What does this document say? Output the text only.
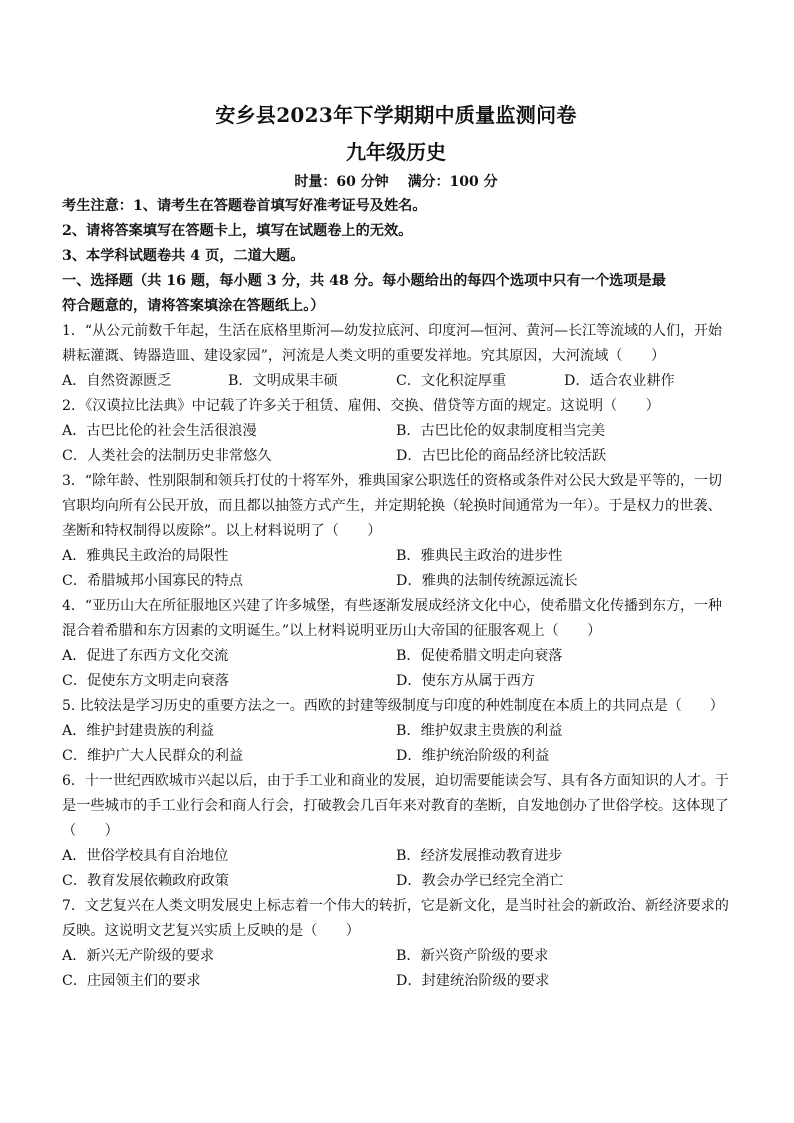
安乡县2023年下学期期中质量监测问卷
九年级历史
时量：60 分钟 满分：100 分
考生注意：1、请考生在答题卷首填写好准考证号及姓名。
2、请将答案填写在答题卡上，填写在试题卷上的无效。
3、本学科试题卷共 4 页，二道大题。
一、选择题（共 16 题，每小题 3 分，共 48 分。每小题给出的每四个选项中只有一个选项是最
符合题意的，请将答案填涂在答题纸上。）
1．“从公元前数千年起，生活在底格里斯河—幼发拉底河、印度河—恒河、黄河—长江等流域的人们，开始
耕耘灌溉、铸器造皿、建设家园”，河流是人类文明的重要发祥地。究其原因，大河流域（　　）
A．自然资源匮乏	B．文明成果丰硕	C．文化积淀厚重	D．适合农业耕作
2．《汉谟拉比法典》中记载了许多关于租赁、雇佣、交换、借贷等方面的规定。这说明（　　）
A．古巴比伦的社会生活很浪漫	B．古巴比伦的奴隶制度相当完美
C．人类社会的法制历史非常悠久	D．古巴比伦的商品经济比较活跃
3．“除年龄、性别限制和领兵打仗的十将军外，雅典国家公职选任的资格或条件对公民大致是平等的，一切
官职均向所有公民开放，而且都以抽签方式产生，并定期轮换（轮换时间通常为一年）。于是权力的世袭、
垄断和特权制得以废除”。以上材料说明了（　　）
A．雅典民主政治的局限性	B．雅典民主政治的进步性
C．希腊城邦小国寡民的特点	D．雅典的法制传统源远流长
4．“亚历山大在所征服地区兴建了许多城堡，有些逐渐发展成经济文化中心，使希腊文化传播到东方，一种
混合着希腊和东方因素的文明诞生。”以上材料说明亚历山大帝国的征服客观上（　　）
A．促进了东西方文化交流	B．促使希腊文明走向衰落
C．促使东方文明走向衰落	D．使东方从属于西方
5. 比较法是学习历史的重要方法之一。西欧的封建等级制度与印度的种姓制度在本质上的共同点是（　　）
A．维护封建贵族的利益	B．维护奴隶主贵族的利益
C．维护广大人民群众的利益	D．维护统治阶级的利益
6．十一世纪西欧城市兴起以后，由于手工业和商业的发展，迫切需要能读会写、具有各方面知识的人才。于
是一些城市的手工业行会和商人行会，打破教会几百年来对教育的垄断，自发地创办了世俗学校。这体现了
（　　）
A．世俗学校具有自治地位	B．经济发展推动教育进步
C．教育发展依赖政府政策	D．教会办学已经完全消亡
7．文艺复兴在人类文明发展史上标志着一个伟大的转折，它是新文化，是当时社会的新政治、新经济要求的
反映。这说明文艺复兴实质上反映的是（　　）
A．新兴无产阶级的要求	B．新兴资产阶级的要求
C．庄园领主们的要求	D．封建统治阶级的要求
